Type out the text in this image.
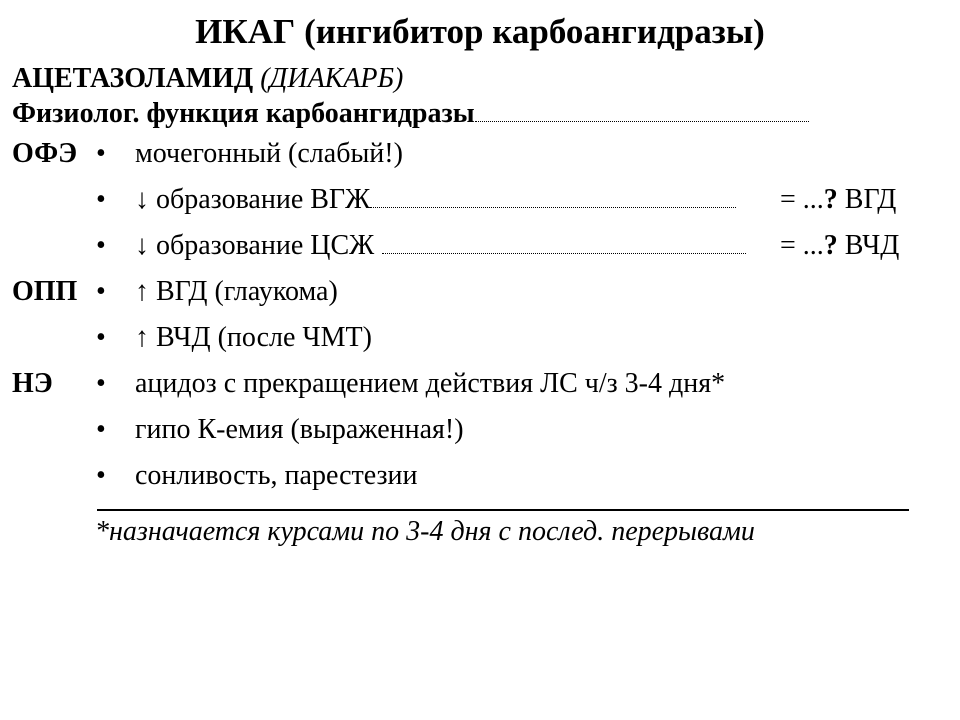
ИКАГ (ингибитор карбоангидразы)
АЦЕТАЗОЛАМИД (ДИАКАРБ)
Физиолог. функция карбоангидразы
ОФЭ • мочегонный (слабый!)
• ↓ образование ВГЖ	= ...? ВГД
• ↓ образование ЦСЖ	= ...? ВЧД
ОПП • ↑ ВГД (глаукома)
• ↑ ВЧД (после ЧМТ)
НЭ • ацидоз с прекращением действия ЛС ч/з 3-4 дня*
• гипо К-емия (выраженная!)
• сонливость, парестезии
*назначается курсами по 3-4 дня с послед. перерывами
